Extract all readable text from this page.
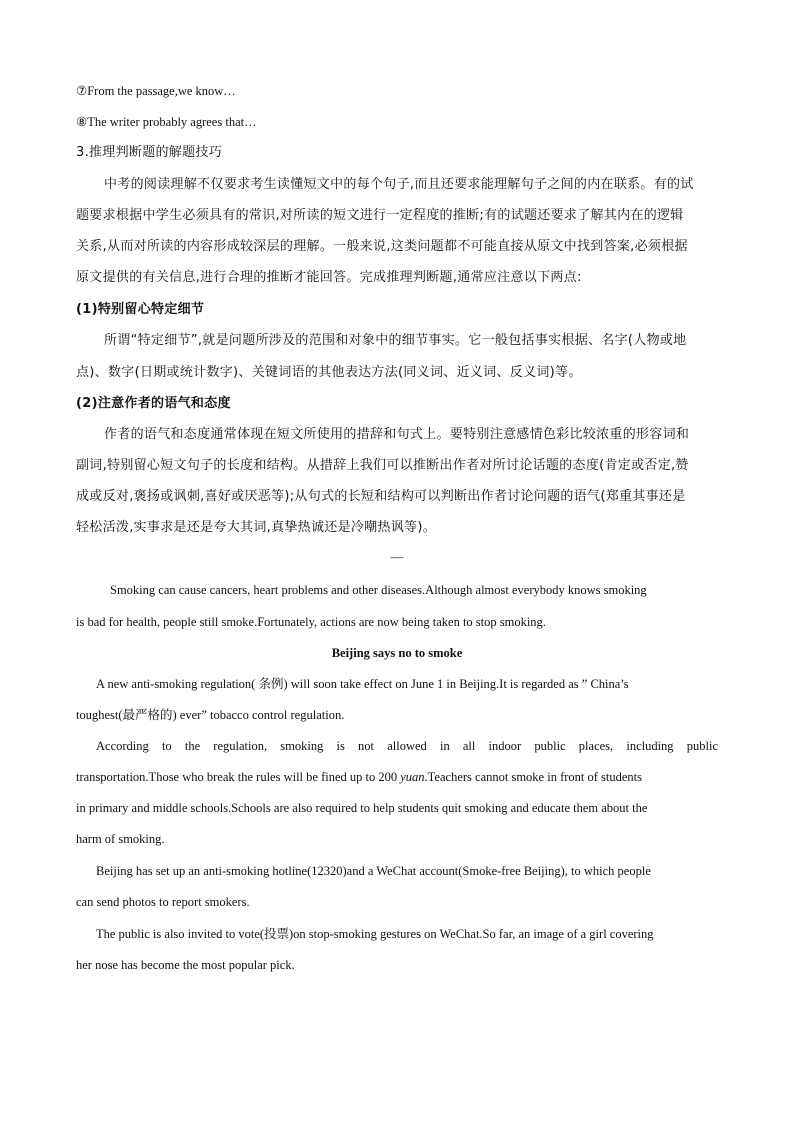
⑦From the passage,we know…
⑧The writer probably agrees that…
3.推理判断题的解题技巧
中考的阅读理解不仅要求考生读懂短文中的每个句子,而且还要求能理解句子之间的内在联系。有的试
题要求根据中学生必须具有的常识,对所读的短文进行一定程度的推断;有的试题还要求了解其内在的逻辑
关系,从而对所读的内容形成较深层的理解。一般来说,这类问题都不可能直接从原文中找到答案,必须根据
原文提供的有关信息,进行合理的推断才能回答。完成推理判断题,通常应注意以下两点:
(1)特别留心特定细节
所谓“特定细节”,就是问题所涉及的范围和对象中的细节事实。它一般包括事实根据、名字(人物或地
点)、数字(日期或统计数字)、关键词语的其他表达方法(同义词、近义词、反义词)等。
(2)注意作者的语气和态度
作者的语气和态度通常体现在短文所使用的措辞和句式上。要特别注意感情色彩比较浓重的形容词和
副词,特别留心短文句子的长度和结构。从措辞上我们可以推断出作者对所讨论话题的态度(肯定或否定,赞
成或反对,褒扬或讽刺,喜好或厌恶等);从句式的长短和结构可以判断出作者讨论问题的语气(郑重其事还是
轻松活泼,实事求是还是夸大其词,真挚热诚还是冷嘲热讽等)。
—
Smoking can cause cancers, heart problems and other diseases.Although almost everybody knows smoking
is bad for health, people still smoke.Fortunately, actions are now being taken to stop smoking.
Beijing says no to smoke
A new anti-smoking regulation( 条例) will soon take effect on June 1 in Beijing.It is regarded as ” China’s
toughest(最严格的) ever” tobacco control regulation.
According to the regulation, smoking is not allowed in all indoor public places, including public
transportation.Those who break the rules will be fined up to 200 yuan.Teachers cannot smoke in front of students
in primary and middle schools.Schools are also required to help students quit smoking and educate them about the
harm of smoking.
Beijing has set up an anti-smoking hotline(12320)and a WeChat account(Smoke-free Beijing), to which people
can send photos to report smokers.
The public is also invited to vote(投票)on stop-smoking gestures on WeChat.So far, an image of a girl covering
her nose has become the most popular pick.
